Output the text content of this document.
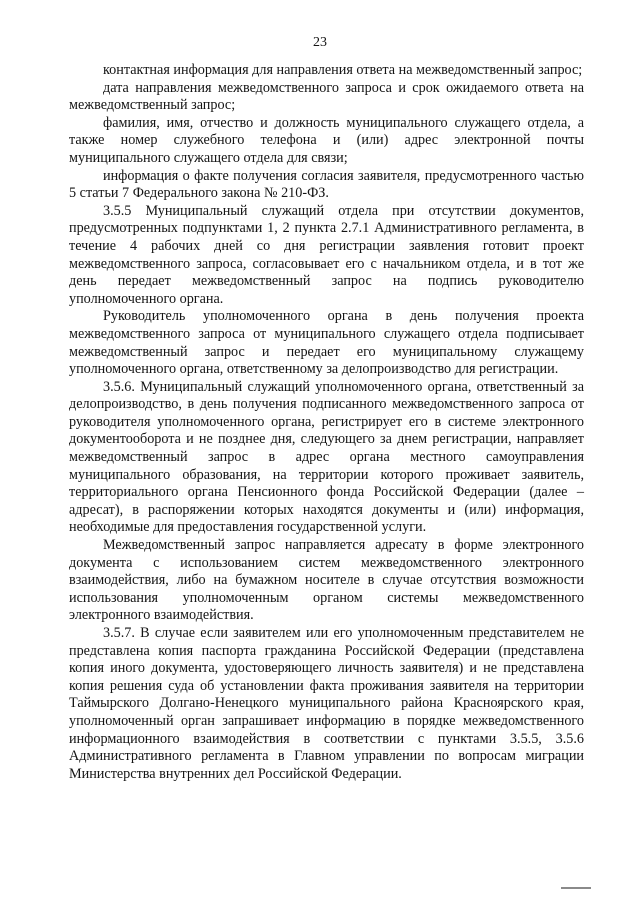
23

контактная информация для направления ответа на межведомственный запрос;

дата направления межведомственного запроса и срок ожидаемого ответа на межведомственный запрос;

фамилия, имя, отчество и должность муниципального служащего отдела, а также номер служебного телефона и (или) адрес электронной почты муниципального служащего отдела для связи;

информация о факте получения согласия заявителя, предусмотренного частью 5 статьи 7 Федерального закона № 210-ФЗ.

3.5.5 Муниципальный служащий отдела при отсутствии документов, предусмотренных подпунктами 1, 2 пункта 2.7.1 Административного регламента, в течение 4 рабочих дней со дня регистрации заявления готовит проект межведомственного запроса, согласовывает его с начальником отдела, и в тот же день передает межведомственный запрос на подпись руководителю уполномоченного органа.

Руководитель уполномоченного органа в день получения проекта межведомственного запроса от муниципального служащего отдела подписывает межведомственный запрос и передает его муниципальному служащему уполномоченного органа, ответственному за делопроизводство для регистрации.

3.5.6. Муниципальный служащий уполномоченного органа, ответственный за делопроизводство, в день получения подписанного межведомственного запроса от руководителя уполномоченного органа, регистрирует его в системе электронного документооборота и не позднее дня, следующего за днем регистрации, направляет межведомственный запрос в адрес органа местного самоуправления муниципального образования, на территории которого проживает заявитель, территориального органа Пенсионного фонда Российской Федерации (далее – адресат), в распоряжении которых находятся документы и (или) информация, необходимые для предоставления государственной услуги.

Межведомственный запрос направляется адресату в форме электронного документа с использованием систем межведомственного электронного взаимодействия, либо на бумажном носителе в случае отсутствия возможности использования уполномоченным органом системы межведомственного электронного взаимодействия.

3.5.7. В случае если заявителем или его уполномоченным представителем не представлена копия паспорта гражданина Российской Федерации (представлена копия иного документа, удостоверяющего личность заявителя) и не представлена копия решения суда об установлении факта проживания заявителя на территории Таймырского Долгано-Ненецкого муниципального района Красноярского края, уполномоченный орган запрашивает информацию в порядке межведомственного информационного взаимодействия в соответствии с пунктами 3.5.5, 3.5.6 Административного регламента в Главном управлении по вопросам миграции Министерства внутренних дел Российской Федерации.
